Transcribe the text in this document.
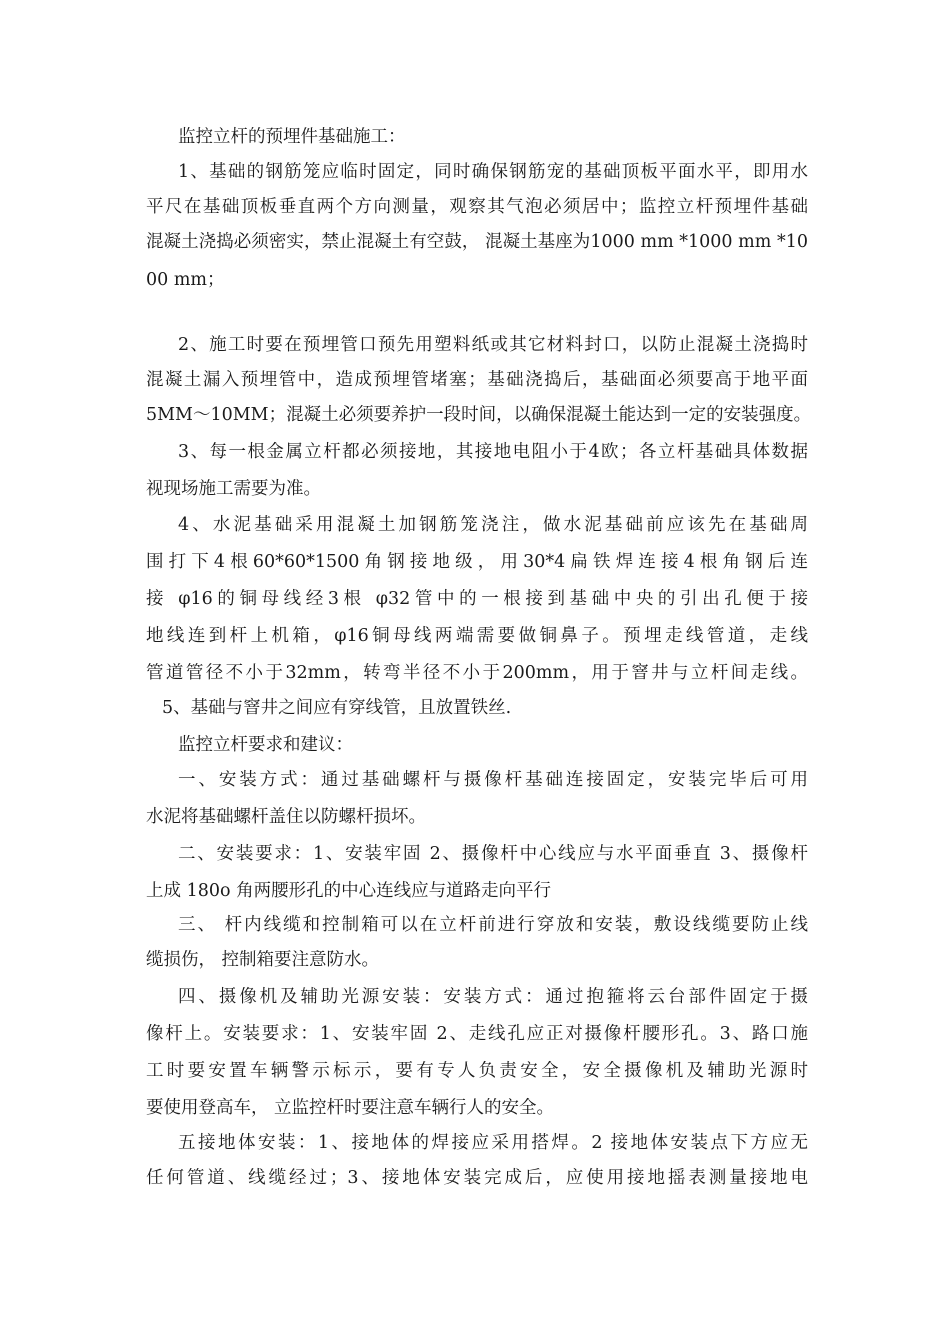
监控立杆的预埋件基础施工：
1、基础的钢筋笼应临时固定，同时确保钢筋宠的基础顶板平面水平，即用水
平尺在基础顶板垂直两个方向测量，观察其气泡必须居中；监控立杆预埋件基础
混凝土浇捣必须密实，禁止混凝土有空鼓， 混凝土基座为1000 mm *1000 mm *10
00 mm；
2、施工时要在预埋管口预先用塑料纸或其它材料封口，以防止混凝土浇捣时
混凝土漏入预埋管中，造成预埋管堵塞；基础浇捣后，基础面必须要高于地平面
5MM～10MM；混凝土必须要养护一段时间，以确保混凝土能达到一定的安装强度。
3、每一根金属立杆都必须接地，其接地电阻小于4欧；各立杆基础具体数据
视现场施工需要为准。
4、水泥基础采用混凝土加钢筋笼浇注，做水泥基础前应该先在基础周
围打下4根60*60*1500角钢接地级，用30*4扁铁焊连接4根角钢后连
接 φ16的铜母线经3根 φ32管中的一根接到基础中央的引出孔便于接
地线连到杆上机箱，φ16铜母线两端需要做铜鼻子。预埋走线管道，走线
管道管径不小于32mm，转弯半径不小于200mm，用于窨井与立杆间走线。
5、基础与窨井之间应有穿线管，且放置铁丝.
监控立杆要求和建议：
一、安装方式：通过基础螺杆与摄像杆基础连接固定，安装完毕后可用
水泥将基础螺杆盖住以防螺杆损坏。
二、安装要求：1、安装牢固 2、摄像杆中心线应与水平面垂直 3、摄像杆
上成 180o 角两腰形孔的中心连线应与道路走向平行
三、 杆内线缆和控制箱可以在立杆前进行穿放和安装，敷设线缆要防止线
缆损伤， 控制箱要注意防水。
四、摄像机及辅助光源安装：安装方式：通过抱箍将云台部件固定于摄
像杆上。安装要求：1、安装牢固 2、走线孔应正对摄像杆腰形孔。3、路口施
工时要安置车辆警示标示，要有专人负责安全，安全摄像机及辅助光源时
要使用登高车， 立监控杆时要注意车辆行人的安全。
五接地体安装：1、接地体的焊接应采用搭焊。2 接地体安装点下方应无
任何管道、线缆经过；3、接地体安装完成后，应使用接地摇表测量接地电
